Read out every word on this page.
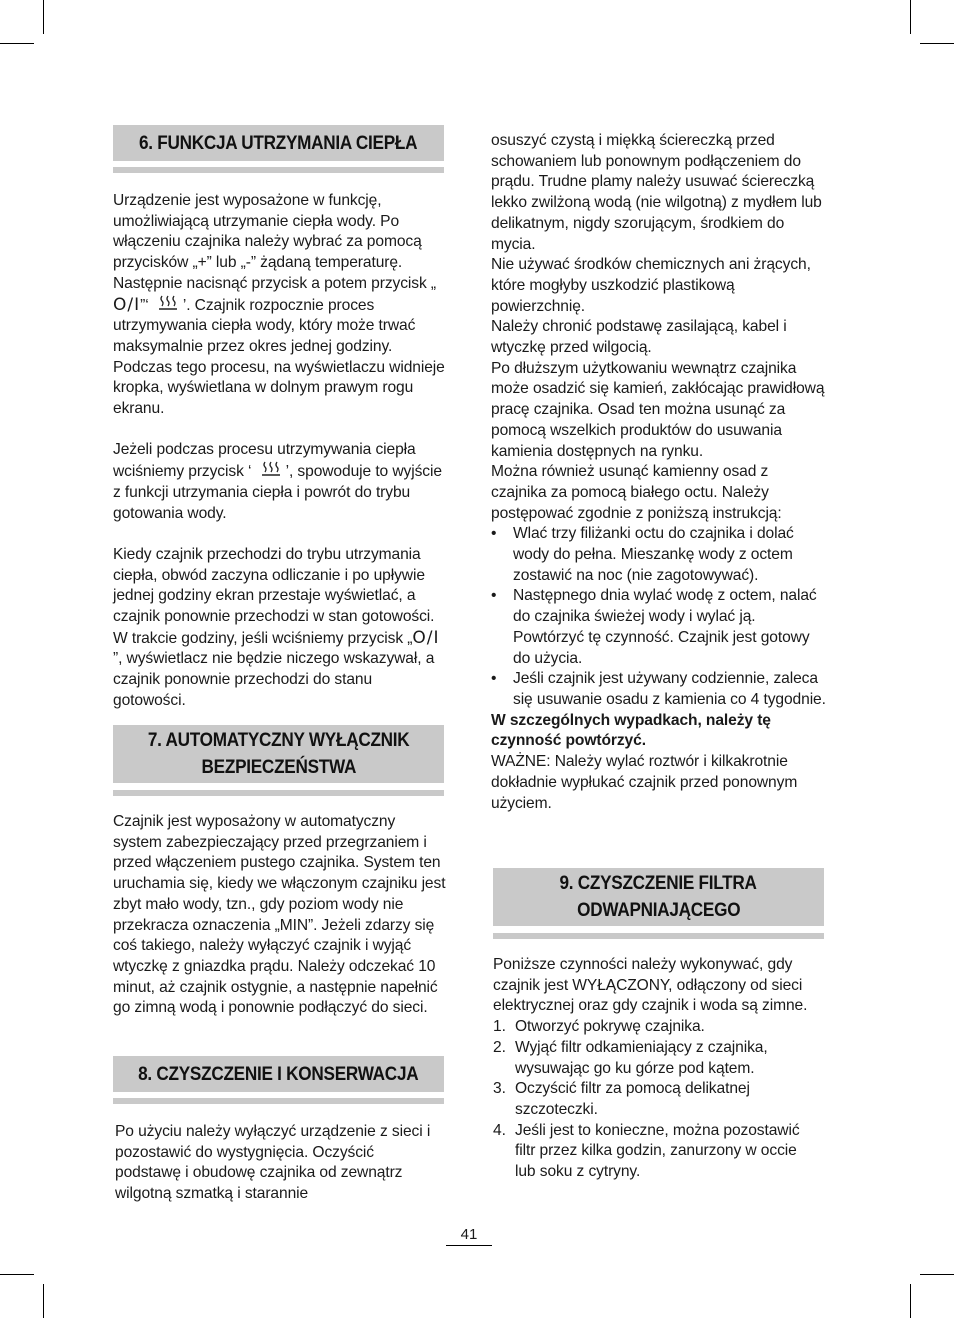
6. FUNKCJA UTRZYMANIA CIEPŁA

Urządzenie jest wyposażone w funkcję, umożliwiającą utrzymanie ciepła wody. Po włączeniu czajnika należy wybrać za pomocą przycisków „+” lub „-” żądaną temperaturę. Następnie nacisnąć przycisk a potem przycisk „ O/I”‘ ’. Czajnik rozpocznie proces utrzymywania ciepła wody, który może trwać maksymalnie przez okres jednej godziny. Podczas tego procesu, na wyświetlaczu widnieje kropka, wyświetlana w dolnym prawym rogu ekranu.

Jeżeli podczas procesu utrzymywania ciepła wciśniemy przycisk ‘ ’, spowoduje to wyjście z funkcji utrzymania ciepła i powrót do trybu gotowania wody.

Kiedy czajnik przechodzi do trybu utrzymania ciepła, obwód zaczyna odliczanie i po upływie jednej godziny ekran przestaje wyświetlać, a czajnik ponownie przechodzi w stan gotowości. W trakcie godziny, jeśli wciśniemy przycisk „O/I”, wyświetlacz nie będzie niczego wskazywał, a czajnik ponownie przechodzi do stanu gotowości.

7. AUTOMATYCZNY WYŁĄCZNIK
BEZPIECZEŃSTWA

Czajnik jest wyposażony w automatyczny system zabezpieczający przed przegrzaniem i przed włączeniem pustego czajnika. System ten uruchamia się, kiedy we włączonym czajniku jest zbyt mało wody, tzn., gdy poziom wody nie przekracza oznaczenia „MIN”. Jeżeli zdarzy się coś takiego, należy wyłączyć czajnik i wyjąć wtyczkę z gniazdka prądu. Należy odczekać 10 minut, aż czajnik ostygnie, a następnie napełnić go zimną wodą i ponownie podłączyć do sieci.

8. CZYSZCZENIE I KONSERWACJA

Po użyciu należy wyłączyć urządzenie z sieci i pozostawić do wystygnięcia. Oczyścić podstawę i obudowę czajnika od zewnątrz wilgotną szmatką i starannie

osuszyć czystą i miękką ściereczką przed schowaniem lub ponownym podłączeniem do prądu. Trudne plamy należy usuwać ściereczką lekko zwilżoną wodą (nie wilgotną) z mydłem lub delikatnym, nigdy szorującym, środkiem do mycia.

Nie używać środków chemicznych ani żrących, które mogłyby uszkodzić plastikową powierzchnię.

Należy chronić podstawę zasilającą, kabel i wtyczkę przed wilgocią.

Po dłuższym użytkowaniu wewnątrz czajnika może osadzić się kamień, zakłócając prawidłową pracę czajnika. Osad ten można usunąć za pomocą wszelkich produktów do usuwania kamienia dostępnych na rynku.

Można również usunąć kamienny osad z czajnika za pomocą białego octu. Należy postępować zgodnie z poniższą instrukcją:

• Wlać trzy filiżanki octu do czajnika i dolać wody do pełna. Mieszankę wody z octem zostawić na noc (nie zagotowywać).
• Następnego dnia wylać wodę z octem, nalać do czajnika świeżej wody i wylać ją. Powtórzyć tę czynność. Czajnik jest gotowy do użycia.
• Jeśli czajnik jest używany codziennie, zaleca się usuwanie osadu z kamienia co 4 tygodnie.

W szczególnych wypadkach, należy tę czynność powtórzyć.

WAŻNE: Należy wylać roztwór i kilkakrotnie dokładnie wypłukać czajnik przed ponownym użyciem.

9. CZYSZCZENIE FILTRA
ODWAPNIAJĄCEGO

Poniższe czynności należy wykonywać, gdy czajnik jest WYŁĄCZONY, odłączony od sieci elektrycznej oraz gdy czajnik i woda są zimne.

1. Otworzyć pokrywę czajnika.
2. Wyjąć filtr odkamieniający z czajnika, wysuwając go ku górze pod kątem.
3. Oczyścić filtr za pomocą delikatnej szczoteczki.
4. Jeśli jest to konieczne, można pozostawić filtr przez kilka godzin, zanurzony w occie lub soku z cytryny.
41
